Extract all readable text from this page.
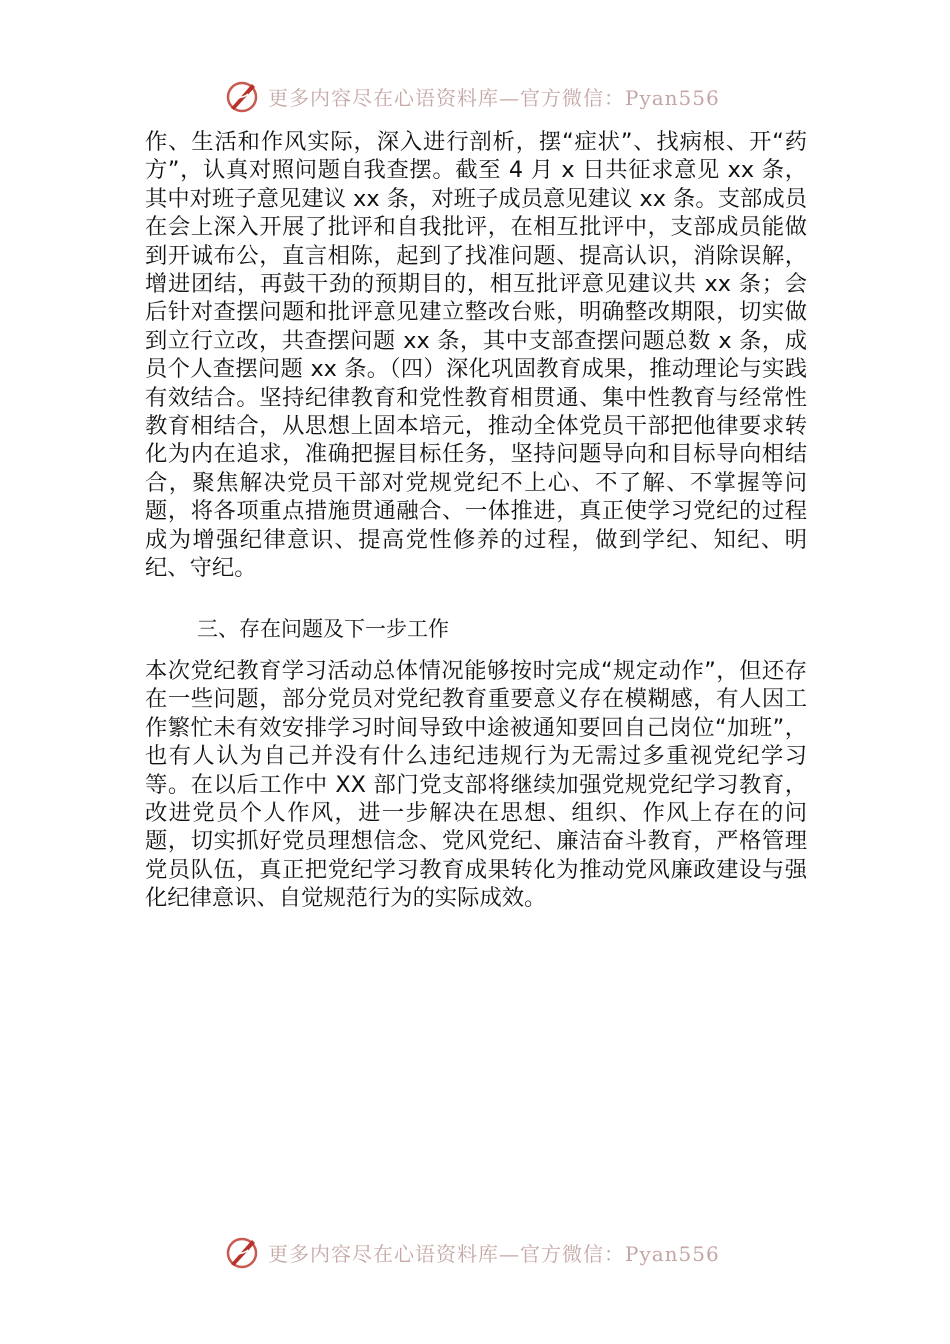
更多内容尽在心语资料库—官方微信：Pyan556

作、生活和作风实际，深入进行剖析，摆“症状”、找病根、开“药方”，认真对照问题自我查摆。截至 4 月 x 日共征求意见 xx 条，其中对班子意见建议 xx 条，对班子成员意见建议 xx 条。支部成员在会上深入开展了批评和自我批评，在相互批评中，支部成员能做到开诚布公，直言相陈，起到了找准问题、提高认识，消除误解，增进团结，再鼓干劲的预期目的，相互批评意见建议共 xx 条；会后针对查摆问题和批评意见建立整改台账，明确整改期限，切实做到立行立改，共查摆问题 xx 条，其中支部查摆问题总数 x 条，成员个人查摆问题 xx 条。（四）深化巩固教育成果，推动理论与实践有效结合。坚持纪律教育和党性教育相贯通、集中性教育与经常性教育相结合，从思想上固本培元，推动全体党员干部把他律要求转化为内在追求，准确把握目标任务，坚持问题导向和目标导向相结合，聚焦解决党员干部对党规党纪不上心、不了解、不掌握等问题，将各项重点措施贯通融合、一体推进，真正使学习党纪的过程成为增强纪律意识、提高党性修养的过程，做到学纪、知纪、明纪、守纪。

三、存在问题及下一步工作

本次党纪教育学习活动总体情况能够按时完成“规定动作”，但还存在一些问题，部分党员对党纪教育重要意义存在模糊感，有人因工作繁忙未有效安排学习时间导致中途被通知要回自己岗位“加班”，也有人认为自己并没有什么违纪违规行为无需过多重视党纪学习等。在以后工作中 XX 部门党支部将继续加强党规党纪学习教育，改进党员个人作风，进一步解决在思想、组织、作风上存在的问题，切实抓好党员理想信念、党风党纪、廉洁奋斗教育，严格管理党员队伍，真正把党纪学习教育成果转化为推动党风廉政建设与强化纪律意识、自觉规范行为的实际成效。

更多内容尽在心语资料库—官方微信：Pyan556
